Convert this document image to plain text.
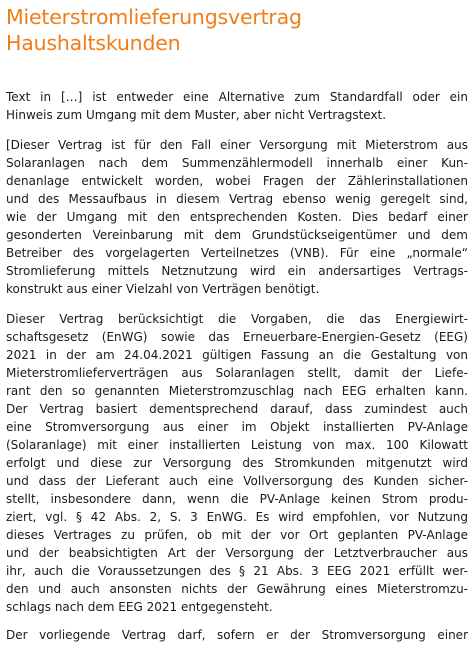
Mieterstromlieferungsvertrag
Haushaltskunden
Text in […] ist entweder eine Alternative zum Standardfall oder ein
Hinweis zum Umgang mit dem Muster, aber nicht Vertragstext.
[Dieser Vertrag ist für den Fall einer Versorgung mit Mieterstrom aus
Solaranlagen nach dem Summenzählermodell innerhalb einer Kun-
denanlage entwickelt worden, wobei Fragen der Zählerinstallationen
und des Messaufbaus in diesem Vertrag ebenso wenig geregelt sind,
wie der Umgang mit den entsprechenden Kosten. Dies bedarf einer
gesonderten Vereinbarung mit dem Grundstückseigentümer und dem
Betreiber des vorgelagerten Verteilnetzes (VNB). Für eine „normale“
Stromlieferung mittels Netznutzung wird ein andersartiges Vertrags-
konstrukt aus einer Vielzahl von Verträgen benötigt.
Dieser Vertrag berücksichtigt die Vorgaben, die das Energiewirt-
schaftsgesetz (EnWG) sowie das Erneuerbare-Energien-Gesetz (EEG)
2021 in der am 24.04.2021 gültigen Fassung an die Gestaltung von
Mieterstromlieferverträgen aus Solaranlagen stellt, damit der Liefe-
rant den so genannten Mieterstromzuschlag nach EEG erhalten kann.
Der Vertrag basiert dementsprechend darauf, dass zumindest auch
eine Stromversorgung aus einer im Objekt installierten PV-Anlage
(Solaranlage) mit einer installierten Leistung von max. 100 Kilowatt
erfolgt und diese zur Versorgung des Stromkunden mitgenutzt wird
und dass der Lieferant auch eine Vollversorgung des Kunden sicher-
stellt, insbesondere dann, wenn die PV-Anlage keinen Strom produ-
ziert, vgl. § 42 Abs. 2, S. 3 EnWG. Es wird empfohlen, vor Nutzung
dieses Vertrages zu prüfen, ob mit der vor Ort geplanten PV-Anlage
und der beabsichtigten Art der Versorgung der Letztverbraucher aus
ihr, auch die Voraussetzungen des § 21 Abs. 3 EEG 2021 erfüllt wer-
den und auch ansonsten nichts der Gewährung eines Mieterstromzu-
schlags nach dem EEG 2021 entgegensteht.
Der vorliegende Vertrag darf, sofern er der Stromversorgung einer
